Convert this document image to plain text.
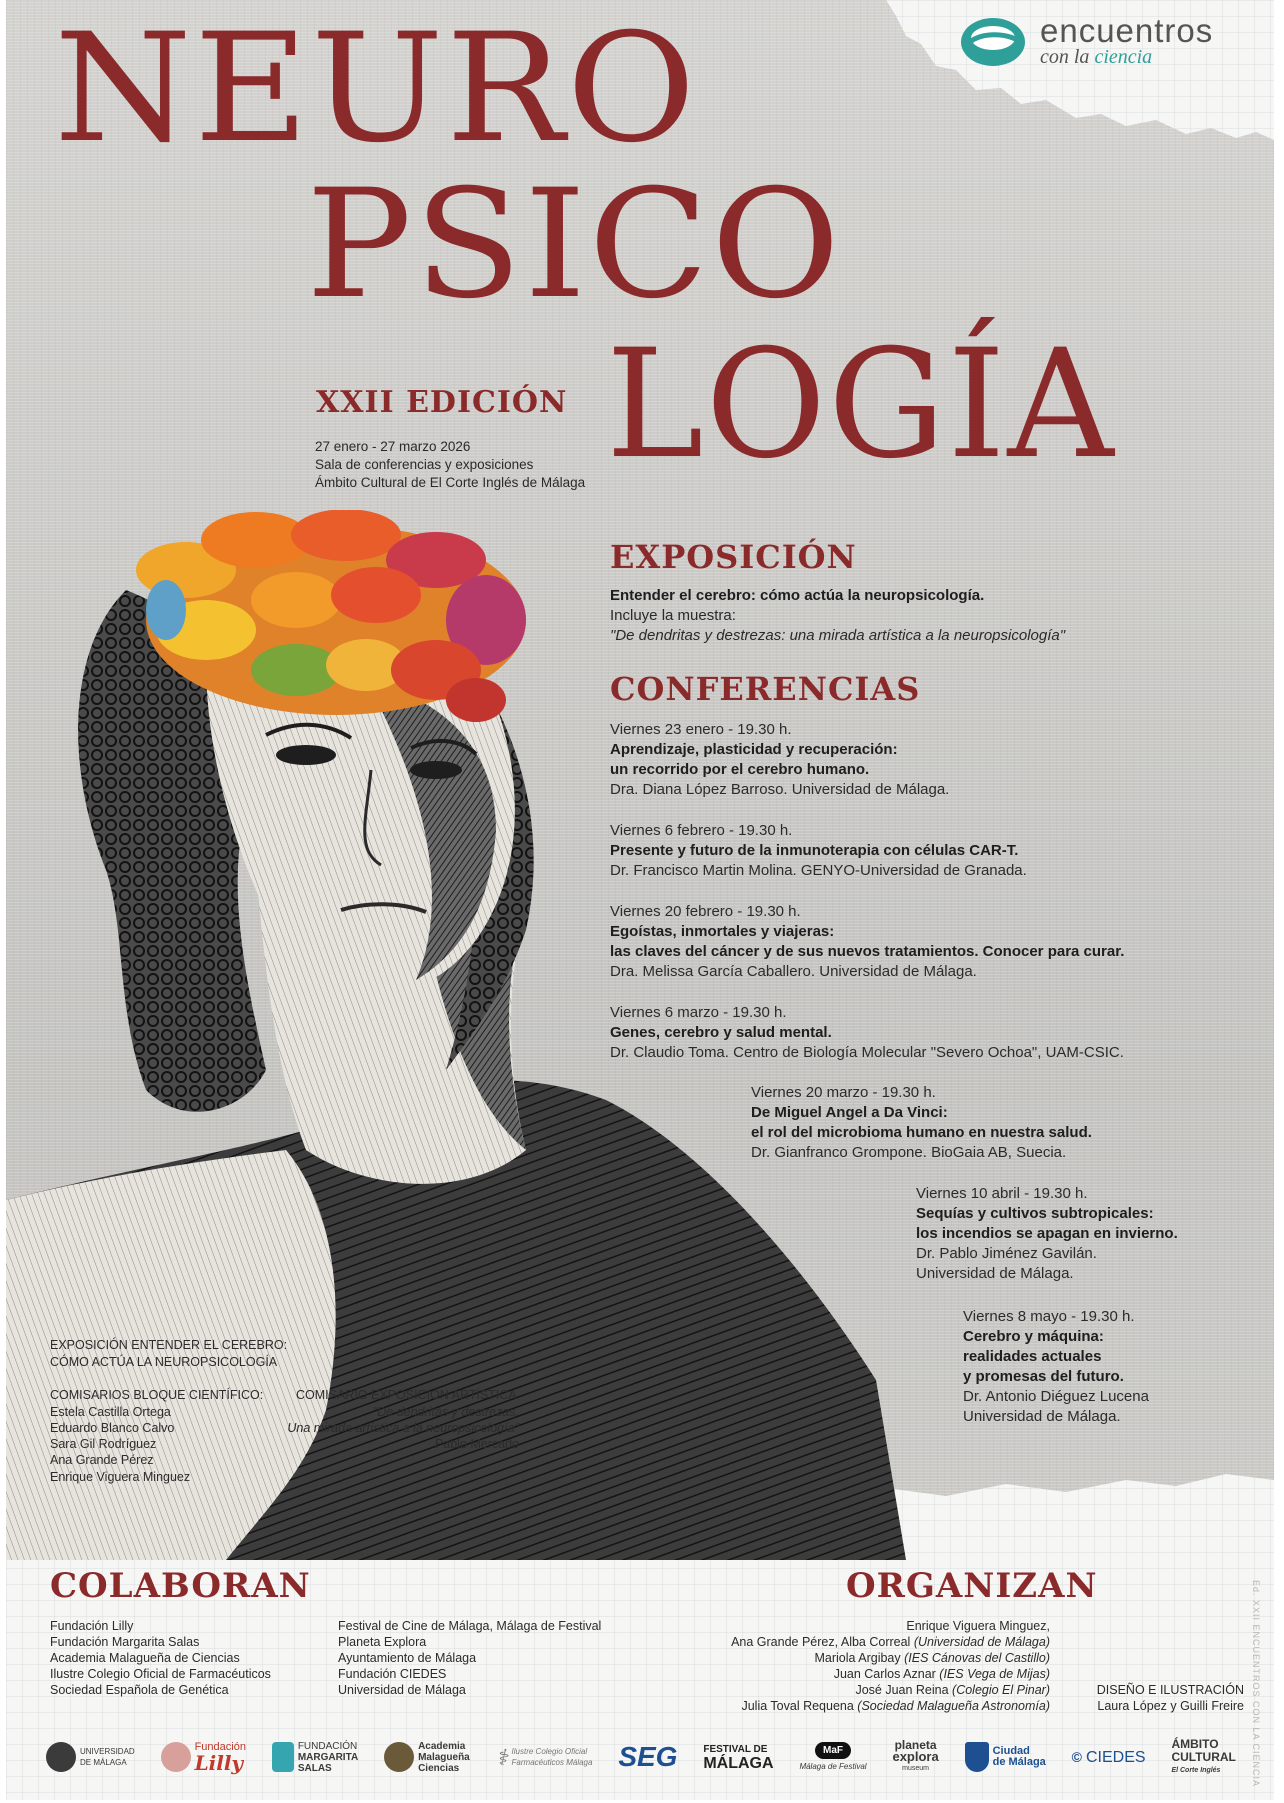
encuentros
con la ciencia
NEURO
PSICO
LOGÍA
XXII EDICIÓN
27 enero - 27 marzo 2026
Sala de conferencias y exposiciones
Ámbito Cultural de El Corte Inglés de Málaga
EXPOSICIÓN
Entender el cerebro: cómo actúa la neuropsicología.
Incluye la muestra:
"De dendritas y destrezas: una mirada artística a la neuropsicología"
CONFERENCIAS
Viernes 23 enero - 19.30 h.
Aprendizaje, plasticidad y recuperación:
un recorrido por el cerebro humano.
Dra. Diana López Barroso. Universidad de Málaga.
Viernes 6 febrero - 19.30 h.
Presente y futuro de la inmunoterapia con células CAR-T.
Dr. Francisco Martin Molina. GENYO-Universidad de Granada.
Viernes 20 febrero - 19.30 h.
Egoístas, inmortales y viajeras:
las claves del cáncer y de sus nuevos tratamientos. Conocer para curar.
Dra. Melissa García Caballero. Universidad de Málaga.
Viernes 6 marzo - 19.30 h.
Genes, cerebro y salud mental.
Dr. Claudio Toma. Centro de Biología Molecular "Severo Ochoa", UAM-CSIC.
Viernes 20 marzo - 19.30 h.
De Miguel Angel a Da Vinci:
el rol del microbioma humano en nuestra salud.
Dr. Gianfranco Grompone. BioGaia AB, Suecia.
Viernes 10 abril - 19.30 h.
Sequías y cultivos subtropicales:
los incendios se apagan en invierno.
Dr. Pablo Jiménez Gavilán.
Universidad de Málaga.
Viernes 8 mayo - 19.30 h.
Cerebro y máquina:
realidades actuales
y promesas del futuro.
Dr. Antonio Diéguez Lucena
Universidad de Málaga.
EXPOSICIÓN ENTENDER EL CEREBRO:
CÓMO ACTÚA LA NEUROPSICOLOGÍA
COMISARIOS BLOQUE CIENTÍFICO:
Estela Castilla Ortega
Eduardo Blanco Calvo
Sara Gil Rodríguez
Ana Grande Pérez
Enrique Viguera Minguez
COMISARIO EXPOSICIÓN ARTÍSTICA
"De dendritas y destrezas.
Una mirada artística a la neuropsicología"
Pablo Mercado
COLABORAN
Fundación Lilly
Fundación Margarita Salas
Academia Malagueña de Ciencias
Ilustre Colegio Oficial de Farmacéuticos
Sociedad Española de Genética
Festival de Cine de Málaga, Málaga de Festival
Planeta Explora
Ayuntamiento de Málaga
Fundación CIEDES
Universidad de Málaga
ORGANIZAN
Enrique Viguera Minguez,
Ana Grande Pérez, Alba Correal (Universidad de Málaga)
Mariola Argibay (IES Cánovas del Castillo)
Juan Carlos Aznar (IES Vega de Mijas)
José Juan Reina (Colegio El Pinar)
Julia Toval Requena (Sociedad Malagueña Astronomía)
DISEÑO E ILUSTRACIÓN
Laura López y Guilli Freire Ed. XXII ENCUENTROS CON LA CIENCIA
UNIVERSIDAD
DE MÁLAGA
Fundación
Lilly
FUNDACIÓN
MARGARITA
SALAS
Academia
Malagueña
Ciencias	⚕ Ilustre Colegio Oficial
Farmacéuticos Málaga SEG	FESTIVAL DE
MÁLAGA
MaF
Málaga de Festival
planeta
explora
museum
Ciudad
de Málaga © CIEDES
ÁMBITO
CULTURAL
El Corte Inglés
